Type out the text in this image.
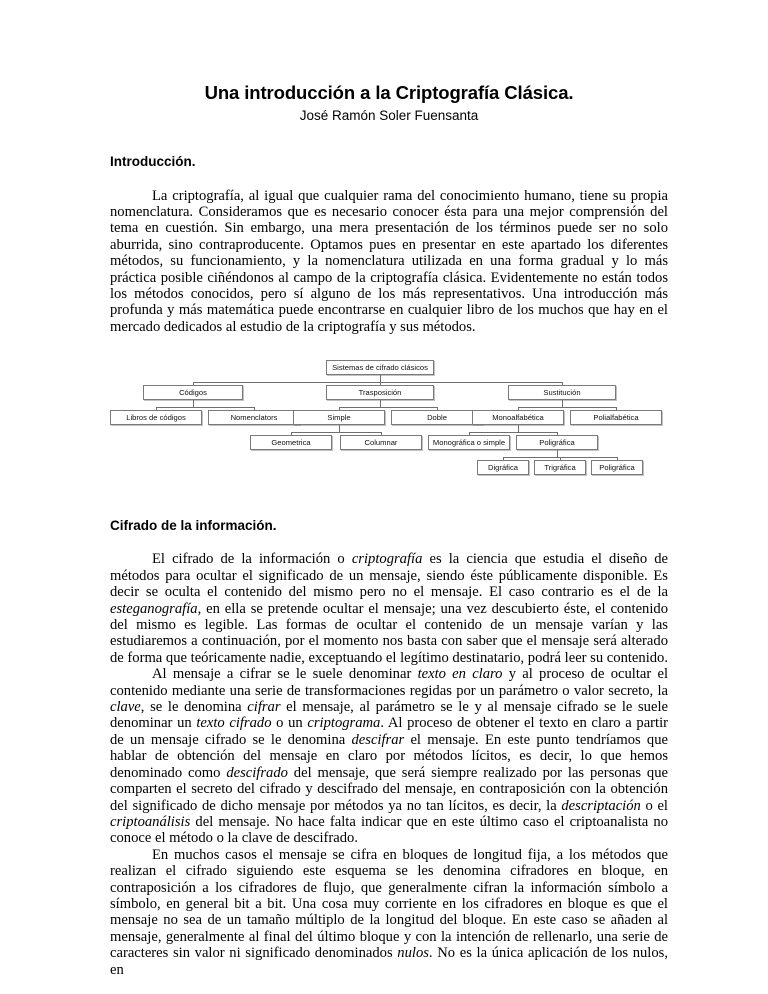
Una introducción a la Criptografía Clásica.
José Ramón Soler Fuensanta
Introducción.

La criptografía, al igual que cualquier rama del conocimiento humano, tiene su propia nomenclatura. Consideramos que es necesario conocer ésta para una mejor comprensión del tema en cuestión. Sin embargo, una mera presentación de los términos puede ser no solo aburrida, sino contraproducente. Optamos pues en presentar en este apartado los diferentes métodos, su funcionamiento, y la nomenclatura utilizada en una forma gradual y lo más práctica posible ciñéndonos al campo de la criptografía clásica. Evidentemente no están todos los métodos conocidos, pero sí alguno de los más representativos. Una introducción más profunda y más matemática puede encontrarse en cualquier libro de los muchos que hay en el mercado dedicados al estudio de la criptografía y sus métodos.

Sistemas de cifrado clásicos
Códigos	Trasposición	Sustitución
Libros de códigos	Nomenclators	Simple	Doble	Monoalfabética	Polialfabética
Geometrica	Columnar	Monográfica o simple	Poligráfica
Digráfica	Trigráfica	Poligráfica
Cifrado de la información.

El cifrado de la información o criptografía es la ciencia que estudia el diseño de métodos para ocultar el significado de un mensaje, siendo éste públicamente disponible. Es decir se oculta el contenido del mismo pero no el mensaje. El caso contrario es el de la esteganografía, en ella se pretende ocultar el mensaje; una vez descubierto éste, el contenido del mismo es legible. Las formas de ocultar el contenido de un mensaje varían y las estudiaremos a continuación, por el momento nos basta con saber que el mensaje será alterado de forma que teóricamente nadie, exceptuando el legítimo destinatario, podrá leer su contenido.

Al mensaje a cifrar se le suele denominar texto en claro y al proceso de ocultar el contenido mediante una serie de transformaciones regidas por un parámetro o valor secreto, la clave, se le denomina cifrar el mensaje, al parámetro se le y al mensaje cifrado se le suele denominar un texto cifrado o un criptograma. Al proceso de obtener el texto en claro a partir de un mensaje cifrado se le denomina descifrar el mensaje. En este punto tendríamos que hablar de obtención del mensaje en claro por métodos lícitos, es decir, lo que hemos denominado como descifrado del mensaje, que será siempre realizado por las personas que comparten el secreto del cifrado y descifrado del mensaje, en contraposición con la obtención del significado de dicho mensaje por métodos ya no tan lícitos, es decir, la descriptación o el criptoanálisis del mensaje. No hace falta indicar que en este último caso el criptoanalista no conoce el método o la clave de descifrado.

En muchos casos el mensaje se cifra en bloques de longitud fija, a los métodos que realizan el cifrado siguiendo este esquema se les denomina cifradores en bloque, en contraposición a los cifradores de flujo, que generalmente cifran la información símbolo a símbolo, en general bit a bit. Una cosa muy corriente en los cifradores en bloque es que el mensaje no sea de un tamaño múltiplo de la longitud del bloque. En este caso se añaden al mensaje, generalmente al final del último bloque y con la intención de rellenarlo, una serie de caracteres sin valor ni significado denominados nulos. No es la única aplicación de los nulos, en
